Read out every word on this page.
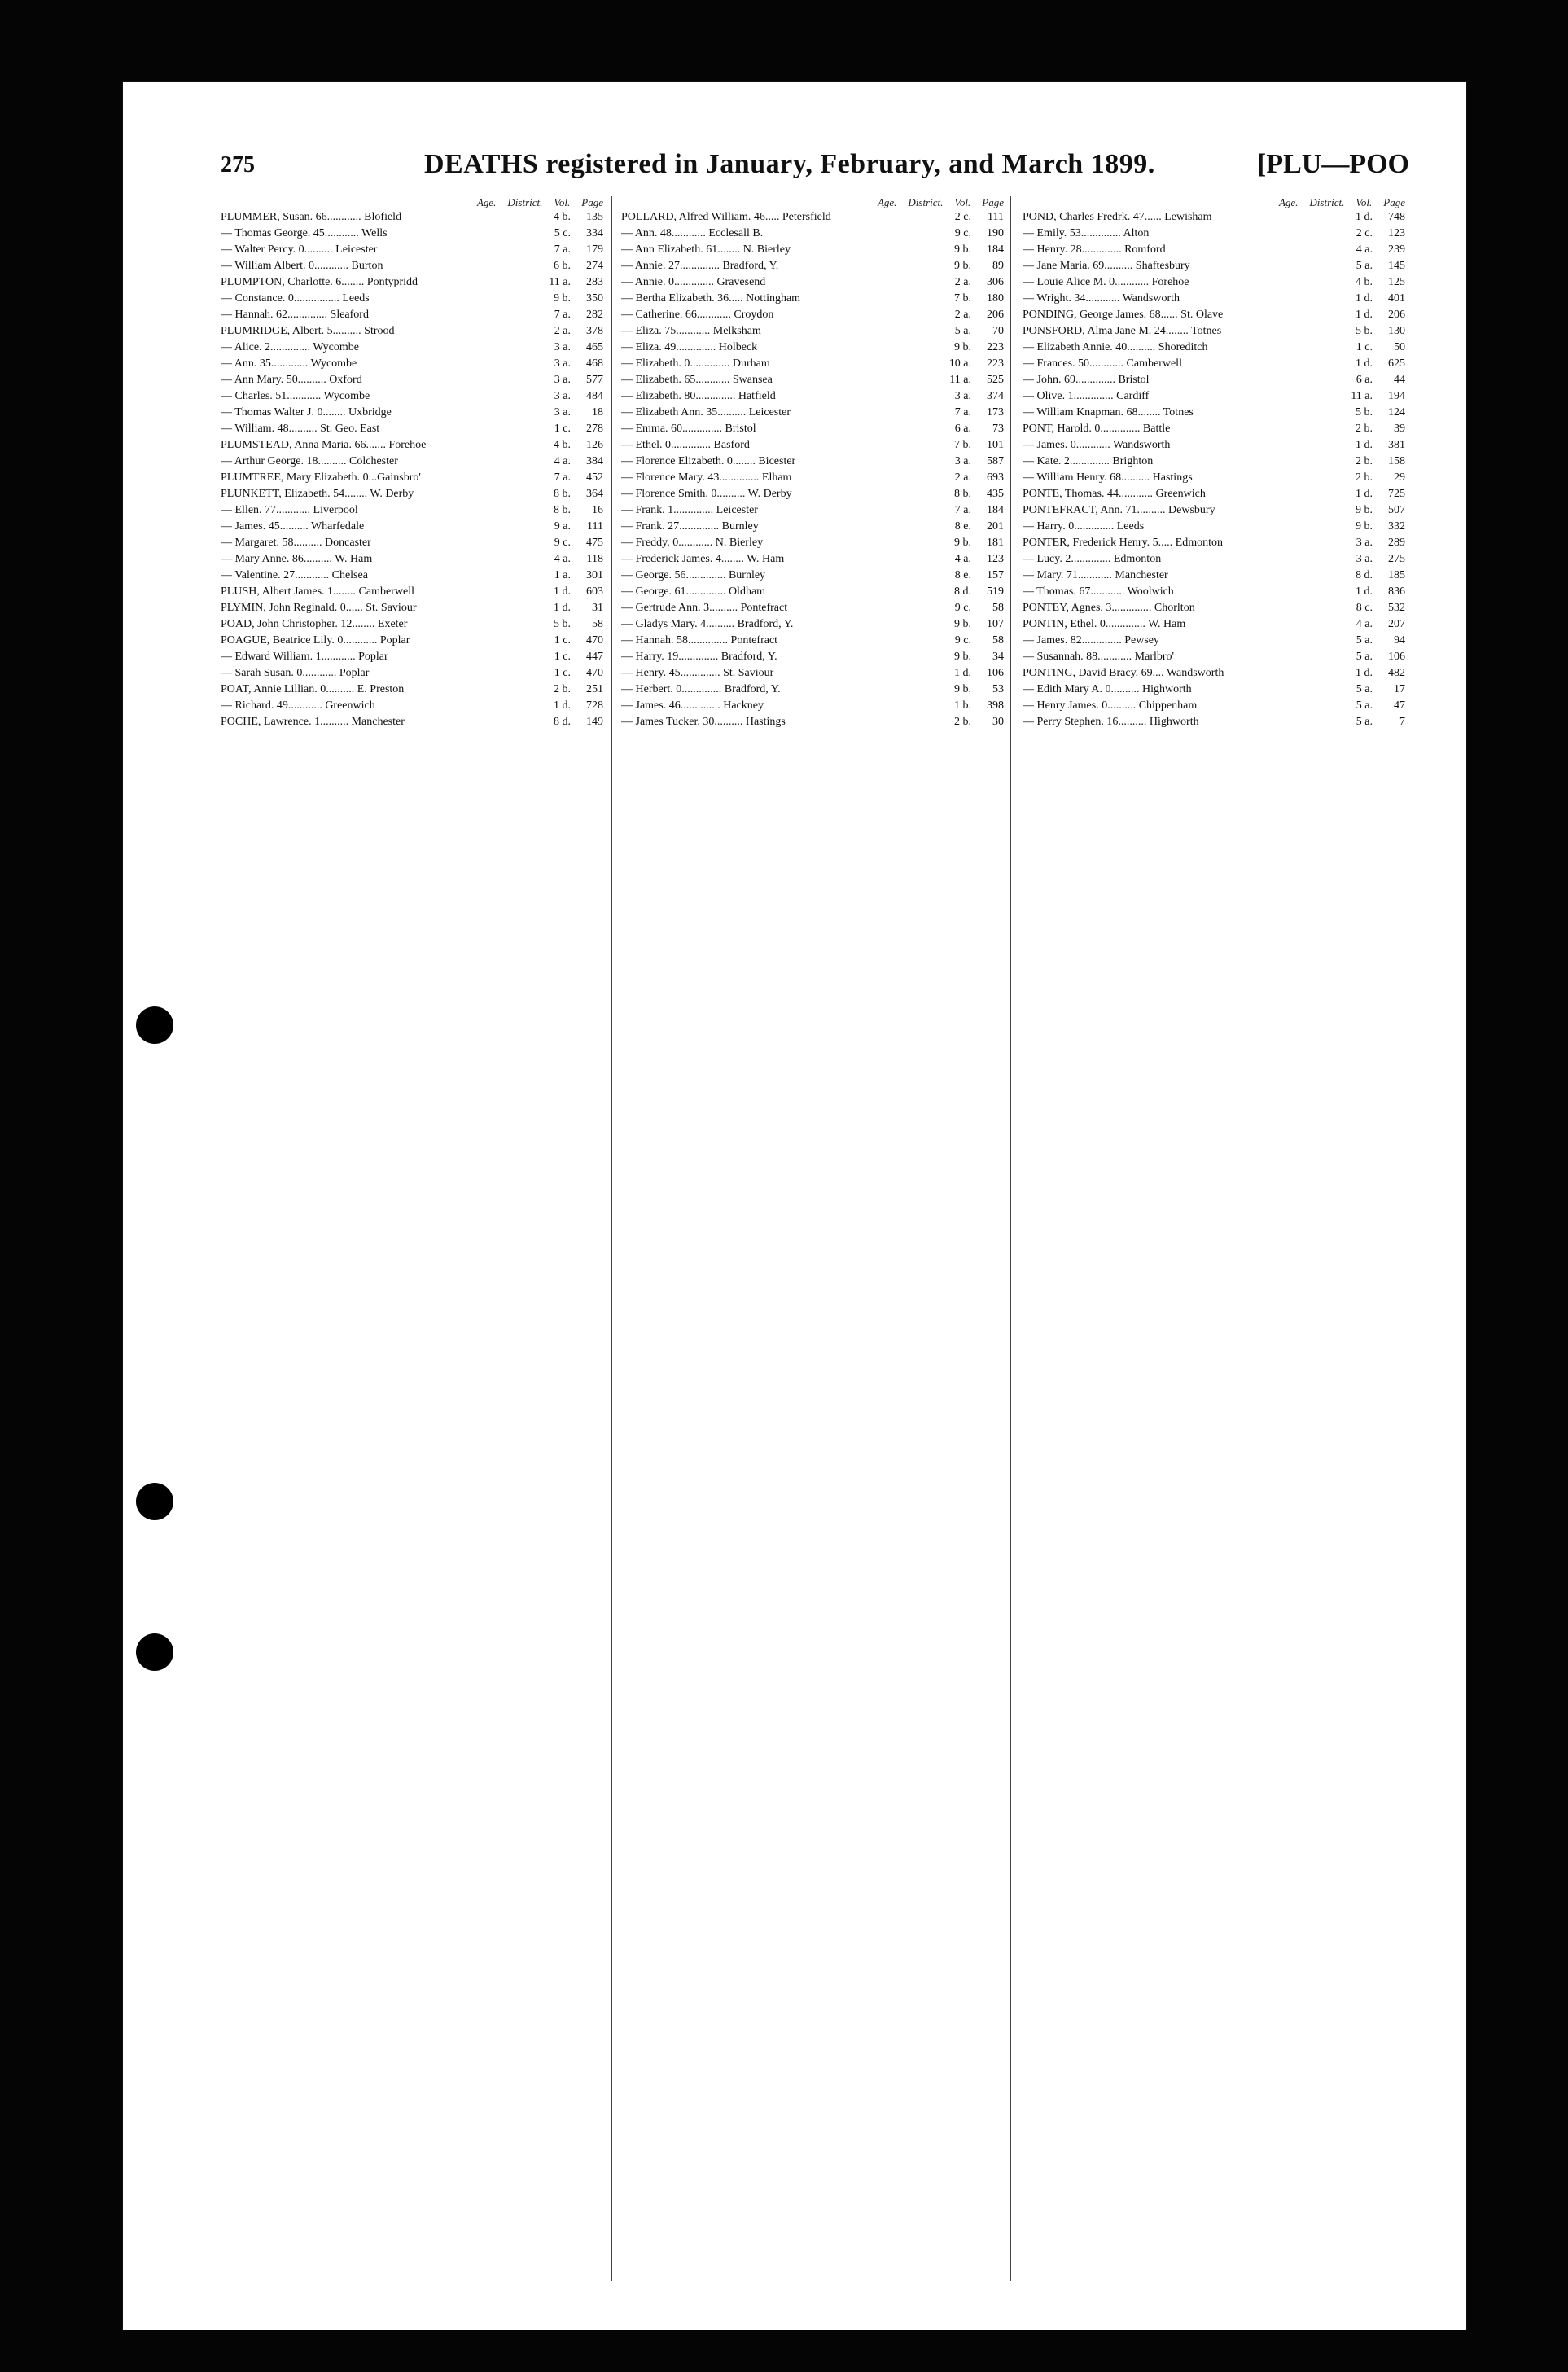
275	DEATHS registered in January, February, and March 1899.	[PLU—POO
Age. District. Vol. Page
PLUMMER, Susan. 66............ Blofield	4 b.	135
— Thomas George. 45............ Wells	5 c.	334
— Walter Percy. 0.......... Leicester	7 a.	179
— William Albert. 0............ Burton	6 b.	274
PLUMPTON, Charlotte. 6........ Pontypridd	11 a.	283
— Constance. 0................ Leeds	9 b.	350
— Hannah. 62.............. Sleaford	7 a.	282
PLUMRIDGE, Albert. 5.......... Strood	2 a.	378
— Alice. 2.............. Wycombe	3 a.	465
— Ann. 35............. Wycombe	3 a.	468
— Ann Mary. 50.......... Oxford	3 a.	577
— Charles. 51............ Wycombe	3 a.	484
— Thomas Walter J. 0........ Uxbridge	3 a.	18
— William. 48.......... St. Geo. East	1 c.	278
PLUMSTEAD, Anna Maria. 66....... Forehoe	4 b.	126
— Arthur George. 18.......... Colchester	4 a.	384
PLUMTREE, Mary Elizabeth. 0...Gainsbro'	7 a.	452
PLUNKETT, Elizabeth. 54........ W. Derby	8 b.	364
— Ellen. 77............ Liverpool	8 b.	16
— James. 45.......... Wharfedale	9 a.	111
— Margaret. 58.......... Doncaster	9 c.	475
— Mary Anne. 86.......... W. Ham	4 a.	118
— Valentine. 27............ Chelsea	1 a.	301
PLUSH, Albert James. 1........ Camberwell	1 d.	603
PLYMIN, John Reginald. 0...... St. Saviour	1 d.	31
POAD, John Christopher. 12........ Exeter	5 b.	58
POAGUE, Beatrice Lily. 0............ Poplar	1 c.	470
— Edward William. 1............ Poplar	1 c.	447
— Sarah Susan. 0............ Poplar	1 c.	470
POAT, Annie Lillian. 0.......... E. Preston	2 b.	251
— Richard. 49............ Greenwich	1 d.	728
POCHE, Lawrence. 1.......... Manchester	8 d.	149
Age. District. Vol. Page
POLLARD, Alfred William. 46..... Petersfield	2 c.	111
— Ann. 48............ Ecclesall B.	9 c.	190
— Ann Elizabeth. 61........ N. Bierley	9 b.	184
— Annie. 27.............. Bradford, Y.	9 b.	89
— Annie. 0.............. Gravesend	2 a.	306
— Bertha Elizabeth. 36..... Nottingham	7 b.	180
— Catherine. 66............ Croydon	2 a.	206
— Eliza. 75............ Melksham	5 a.	70
— Eliza. 49.............. Holbeck	9 b.	223
— Elizabeth. 0.............. Durham	10 a.	223
— Elizabeth. 65............ Swansea	11 a.	525
— Elizabeth. 80.............. Hatfield	3 a.	374
— Elizabeth Ann. 35.......... Leicester	7 a.	173
— Emma. 60.............. Bristol	6 a.	73
— Ethel. 0.............. Basford	7 b.	101
— Florence Elizabeth. 0........ Bicester	3 a.	587
— Florence Mary. 43.............. Elham	2 a.	693
— Florence Smith. 0.......... W. Derby	8 b.	435
— Frank. 1.............. Leicester	7 a.	184
— Frank. 27.............. Burnley	8 e.	201
— Freddy. 0............ N. Bierley	9 b.	181
— Frederick James. 4........ W. Ham	4 a.	123
— George. 56.............. Burnley	8 e.	157
— George. 61.............. Oldham	8 d.	519
— Gertrude Ann. 3.......... Pontefract	9 c.	58
— Gladys Mary. 4.......... Bradford, Y.	9 b.	107
— Hannah. 58.............. Pontefract	9 c.	58
— Harry. 19.............. Bradford, Y.	9 b.	34
— Henry. 45.............. St. Saviour	1 d.	106
— Herbert. 0.............. Bradford, Y.	9 b.	53
— James. 46.............. Hackney	1 b.	398
— James Tucker. 30.......... Hastings	2 b.	30
Age. District. Vol. Page
POND, Charles Fredrk. 47...... Lewisham	1 d.	748
— Emily. 53.............. Alton	2 c.	123
— Henry. 28.............. Romford	4 a.	239
— Jane Maria. 69.......... Shaftesbury	5 a.	145
— Louie Alice M. 0............ Forehoe	4 b.	125
— Wright. 34............ Wandsworth	1 d.	401
PONDING, George James. 68...... St. Olave	1 d.	206
PONSFORD, Alma Jane M. 24........ Totnes	5 b.	130
— Elizabeth Annie. 40.......... Shoreditch	1 c.	50
— Frances. 50............ Camberwell	1 d.	625
— John. 69.............. Bristol	6 a.	44
— Olive. 1.............. Cardiff	11 a.	194
— William Knapman. 68........ Totnes	5 b.	124
PONT, Harold. 0.............. Battle	2 b.	39
— James. 0............ Wandsworth	1 d.	381
— Kate. 2.............. Brighton	2 b.	158
— William Henry. 68.......... Hastings	2 b.	29
PONTE, Thomas. 44............ Greenwich	1 d.	725
PONTEFRACT, Ann. 71.......... Dewsbury	9 b.	507
— Harry. 0.............. Leeds	9 b.	332
PONTER, Frederick Henry. 5..... Edmonton	3 a.	289
— Lucy. 2.............. Edmonton	3 a.	275
— Mary. 71............ Manchester	8 d.	185
— Thomas. 67............ Woolwich	1 d.	836
PONTEY, Agnes. 3.............. Chorlton	8 c.	532
PONTIN, Ethel. 0.............. W. Ham	4 a.	207
— James. 82.............. Pewsey	5 a.	94
— Susannah. 88............ Marlbro'	5 a.	106
PONTING, David Bracy. 69.... Wandsworth	1 d.	482
— Edith Mary A. 0.......... Highworth	5 a.	17
— Henry James. 0.......... Chippenham	5 a.	47
— Perry Stephen. 16.......... Highworth	5 a.	7
